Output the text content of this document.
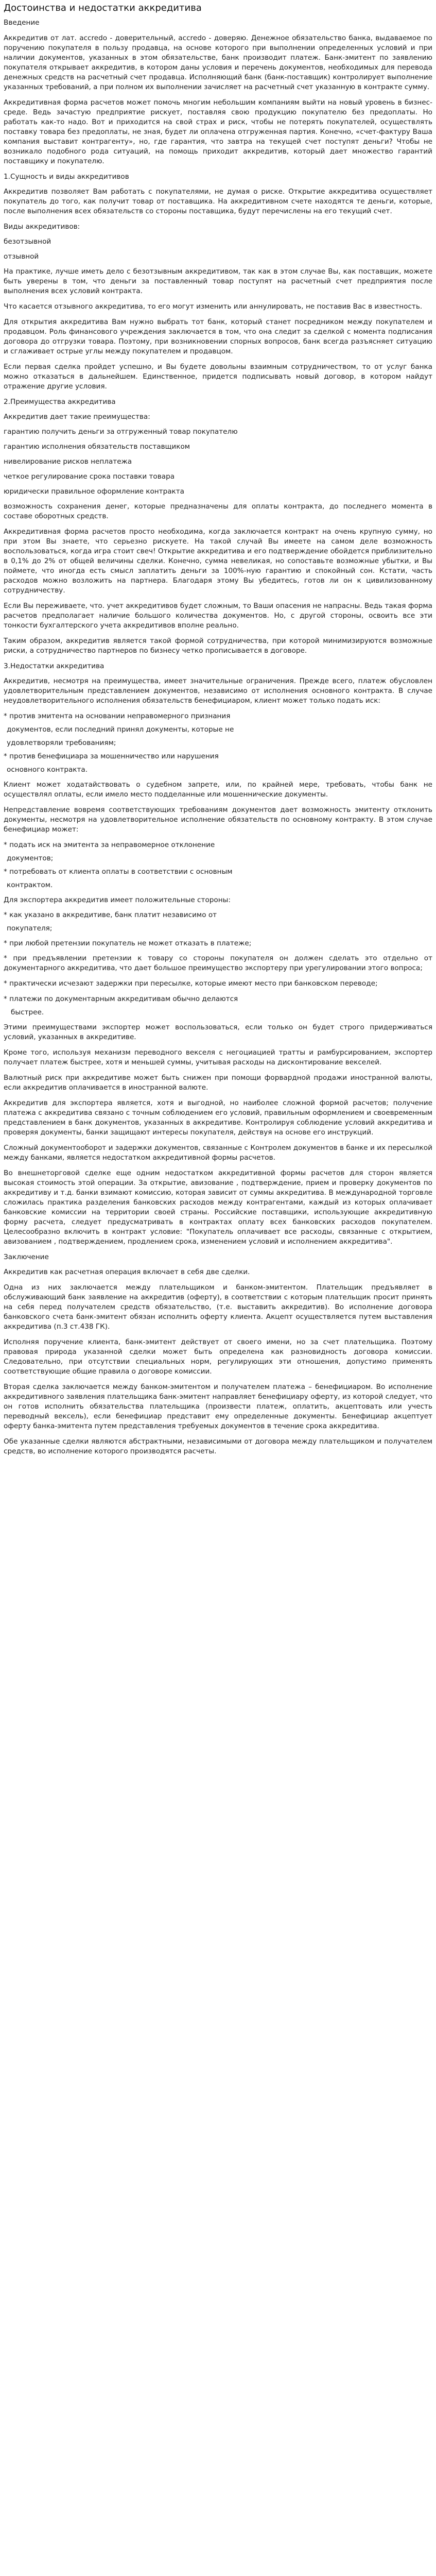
Достоинства и недостатки аккредитива
Введение
Аккредитив от лат. accredo - доверительный, accredo - доверяю. Денежное обязательство банка, выдаваемое по поручению покупателя в пользу продавца, на основе которого при выполнении определенных условий и при наличии документов, указанных в этом обязательстве, банк производит платеж. Банк-эмитент по заявлению покупателя открывает аккредитив, в котором даны условия и перечень документов, необходимых для перевода денежных средств на расчетный счет продавца. Исполняющий банк (банк-поставщик) контролирует выполнение указанных требований, а при полном их выполнении зачисляет на расчетный счет указанную в контракте сумму.
Аккредитивная форма расчетов может помочь многим небольшим компаниям выйти на новый уровень в бизнес-среде. Ведь зачастую предприятие рискует, поставляя свою продукцию покупателю без предоплаты. Но работать как-то надо. Вот и приходится на свой страх и риск, чтобы не потерять покупателей, осуществлять поставку товара без предоплаты, не зная, будет ли оплачена отгруженная партия. Конечно, «счет-фактуру Ваша компания выставит контрагенту», но, где гарантия, что завтра на текущей счет поступят деньги? Чтобы не возникало подобного рода ситуаций, на помощь приходит аккредитив, который дает множество гарантий поставщику и покупателю.
1.Сущность и виды аккредитивов
Аккредитив позволяет Вам работать с покупателями, не думая о риске. Открытие аккредитива осуществляет покупатель до того, как получит товар от поставщика. На аккредитивном счете находятся те деньги, которые, после выполнения всех обязательств со стороны поставщика, будут перечислены на его текущий счет.
Виды аккредитивов:
безотзывной
отзывной
На практике, лучше иметь дело с безотзывным аккредитивом, так как в этом случае Вы, как поставщик, можете быть уверены в том, что деньги за поставленный товар поступят на расчетный счет предприятия после выполнения всех условий контракта.
Что касается отзывного аккредитива, то его могут изменить или аннулировать, не поставив Вас в известность.
Для открытия аккредитива Вам нужно выбрать тот банк, который станет посредником между покупателем и продавцом. Роль финансового учреждения заключается в том, что она следит за сделкой с момента подписания договора до отгрузки товара. Поэтому, при возникновении спорных вопросов, банк всегда разъясняет ситуацию и сглаживает острые углы между покупателем и продавцом.
Если первая сделка пройдет успешно, и Вы будете довольны взаимным сотрудничеством, то от услуг банка можно отказаться в дальнейшем. Единственное, придется подписывать новый договор, в котором найдут отражение другие условия.
2.Преимущества аккредитива
Аккредитив дает такие преимущества:
гарантию получить деньги за отгруженный товар покупателю
гарантию исполнения обязательств поставщиком
нивелирование рисков неплатежа
четкое регулирование срока поставки товара
юридически правильное оформление контракта
возможность сохранения денег, которые предназначены для оплаты контракта, до последнего момента в составе оборотных средств.
Аккредитивная форма расчетов просто необходима, когда заключается контракт на очень крупную сумму, но при этом Вы знаете, что серьезно рискуете. На такой случай Вы имеете на самом деле возможность воспользоваться, когда игра стоит свеч! Открытие аккредитива и его подтверждение обойдется приблизительно в 0,1% до 2% от общей величины сделки. Конечно, сумма невеликая, но сопоставьте возможные убытки, и Вы поймете, что иногда есть смысл заплатить деньги за 100%-ную гарантию и спокойный сон. Кстати, часть расходов можно возложить на партнера. Благодаря этому Вы убедитесь, готов ли он к цивилизованному сотрудничеству.
Если Вы переживаете, что. учет аккредитивов будет сложным, то Ваши опасения не напрасны. Ведь такая форма расчетов предполагает наличие большого количества документов. Но, с другой стороны, освоить все эти тонкости бухгалтерского учета аккредитивов вполне реально.
Таким образом, аккредитив является такой формой сотрудничества, при которой минимизируются возможные риски, а сотрудничество партнеров по бизнесу четко прописывается в договоре.
3.Недостатки аккредитива
Аккредитив, несмотря на преимущества, имеет значительные ограничения. Прежде всего, платеж обусловлен удовлетворительным представлением документов, независимо от исполнения основного контракта. В случае неудовлетворительного исполнения обязательств бенефициаром, клиент может только подать иск:
* против эмитента на основании неправомерного признания
документов, если последний принял документы, которые не
удовлетворяли требованиям;
* против бенефициара за мошенничество или нарушения
основного контракта.
Клиент может ходатайствовать о судебном запрете, или, по крайней мере, требовать, чтобы банк не осуществлял оплаты, если имело место подделанные или мошеннические документы.
Непредставление вовремя соответствующих требованиям документов дает возможность эмитенту отклонить документы, несмотря на удовлетворительное исполнение обязательств по основному контракту. В этом случае бенефициар может:
* подать иск на эмитента за неправомерное отклонение
документов;
* потребовать от клиента оплаты в соответствии с основным
контрактом.
Для экспортера аккредитив имеет положительные стороны:
* как указано в аккредитиве, банк платит независимо от
покупателя;
* при любой претензии покупатель не может отказать в платеже;
* при предъявлении претензии к товару со стороны покупателя он должен сделать это отдельно от документарного аккредитива, что дает большое преимущество экспортеру при урегулировании этого вопроса;
* практически исчезают задержки при пересылке, которые имеют место при банковском переводе;
* платежи по документарным аккредитивам обычно делаются
быстрее.
Этими преимуществами экспортер может воспользоваться, если только он будет строго придерживаться условий, указанных в аккредитиве.
Кроме того, используя механизм переводного векселя с негоциацией тратты и рамбурсированием, экспортер получает платеж быстрее, хотя и меньшей суммы, учитывая расходы на дисконтирование векселей.
Валютный риск при аккредитиве может быть снижен при помощи форвардной продажи иностранной валюты, если аккредитив оплачивается в иностранной валюте.
Аккредитив для экспортера является, хотя и выгодной, но наиболее сложной формой расчетов; получение платежа с аккредитива связано с точным соблюдением его условий, правильным оформлением и своевременным представлением в банк документов, указанных в аккредитиве. Контролируя соблюдение условий аккредитива и проверяя документы, банки защищают интересы покупателя, действуя на основе его инструкций.
Сложный документооборот и задержки документов, связанные с Контролем документов в банке и их пересылкой между банками, является недостатком аккредитивной формы расчетов.
Во внешнеторговой сделке еще одним недостатком аккредитивной формы расчетов для сторон является высокая стоимость этой операции. За открытие, авизование , подтверждение, прием и проверку документов по аккредитиву и т.д. банки взимают комиссию, которая зависит от суммы аккредитива. В международной торговле сложилась практика разделения банковских расходов между контрагентами, каждый из которых оплачивает банковские комиссии на территории своей страны. Российские поставщики, использующие аккредитивную форму расчета, следует предусматривать в контрактах оплату всех банковских расходов покупателем. Целесообразно включить в контракт условие: "Покупатель оплачивает все расходы, связанные с открытием, авизованием , подтверждением, продлением срока, изменением условий и исполнением аккредитива".
Заключение
Аккредитив как расчетная операция включает в себя две сделки.
Одна из них заключается между плательщиком и банком-эмитентом. Плательщик предъявляет в обслуживающий банк заявление на аккредитив (оферту), в соответствии с которым плательщик просит принять на себя перед получателем средств обязательство, (т.е. выставить аккредитив). Во исполнение договора банковского счета банк-эмитент обязан исполнить оферту клиента. Акцепт осуществляется путем выставления аккредитива (п.3 ст.438 ГК).
Исполняя поручение клиента, банк-эмитент действует от своего имени, но за счет плательщика. Поэтому правовая природа указанной сделки может быть определена как разновидность договора комиссии. Следовательно, при отсутствии специальных норм, регулирующих эти отношения, допустимо применять соответствующие общие правила о договоре комиссии.
Вторая сделка заключается между банком-эмитентом и получателем платежа – бенефициаром. Во исполнение аккредитивного заявления плательщика банк-эмитент направляет бенефициару оферту, из которой следует, что он готов исполнить обязательства плательщика (произвести платеж, оплатить, акцептовать или учесть переводный вексель), если бенефициар представит ему определенные документы. Бенефициар акцептует оферту банка-эмитента путем представления требуемых документов в течение срока аккредитива.
Обе указанные сделки являются абстрактными, независимыми от договора между плательщиком и получателем средств, во исполнение которого производятся расчеты.
